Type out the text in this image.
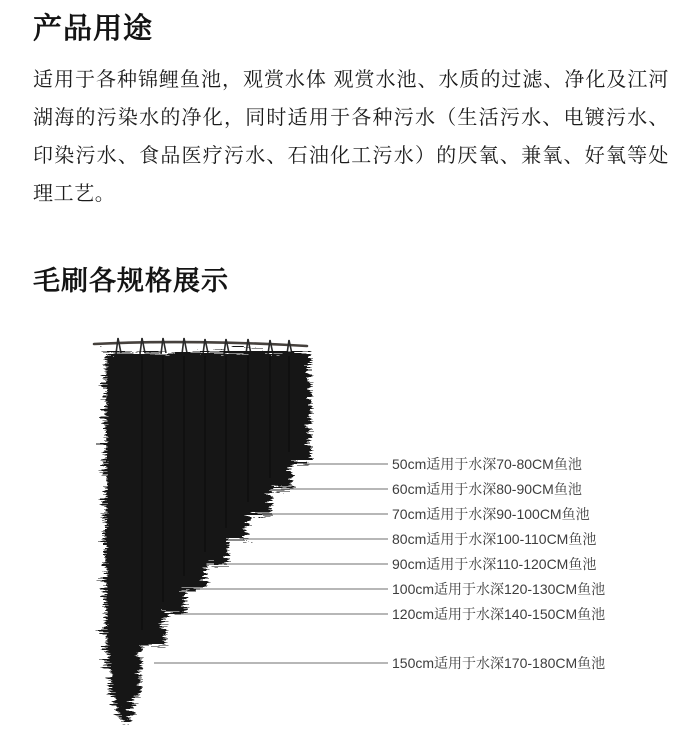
产品用途
适用于各种锦鲤鱼池，观赏水体 观赏水池、水质的过滤、净化及江河湖海的污染水的净化，同时适用于各种污水（生活污水、电镀污水、印染污水、食品医疗污水、石油化工污水）的厌氧、兼氧、好氧等处理工艺。
毛刷各规格展示
50cm适用于水深70-80CM鱼池
60cm适用于水深80-90CM鱼池
70cm适用于水深90-100CM鱼池
80cm适用于水深100-110CM鱼池
90cm适用于水深110-120CM鱼池
100cm适用于水深120-130CM鱼池
120cm适用于水深140-150CM鱼池
150cm适用于水深170-180CM鱼池
